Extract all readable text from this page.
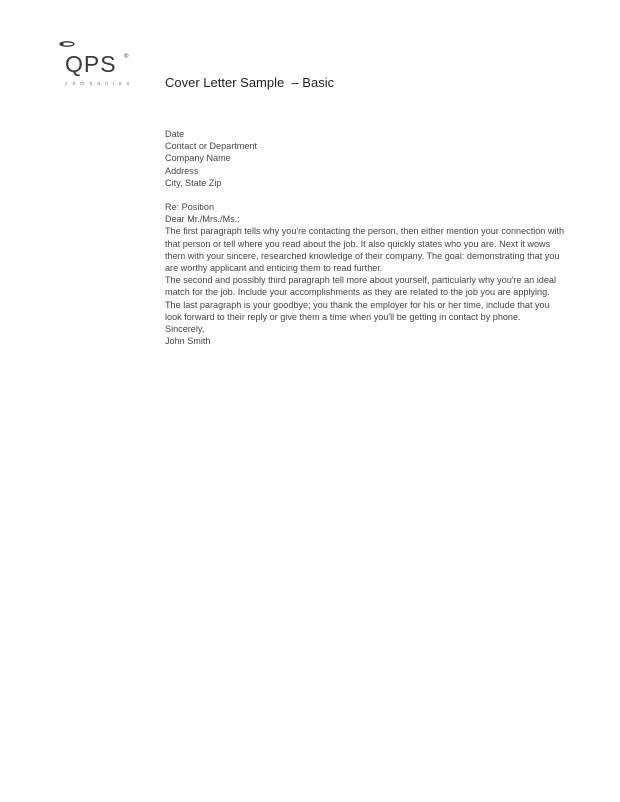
QPS ®
companies Cover Letter Sample  – Basic

Date

Contact or Department
Company Name
Address
City, State Zip

Re: Position

Dear Mr./Mrs./Ms.:

The first paragraph tells why you're contacting the person, then either mention your connection with that person or tell where you read about the job. It also quickly states who you are. Next it wows them with your sincere, researched knowledge of their company. The goal: demonstrating that you are worthy applicant and enticing them to read further.

The second and possibly third paragraph tell more about yourself, particularly why you're an ideal match for the job. Include your accomplishments as they are related to the job you are applying.

The last paragraph is your goodbye; you thank the employer for his or her time, include that you look forward to their reply or give them a time when you'll be getting in contact by phone.

Sincerely,

John Smith
